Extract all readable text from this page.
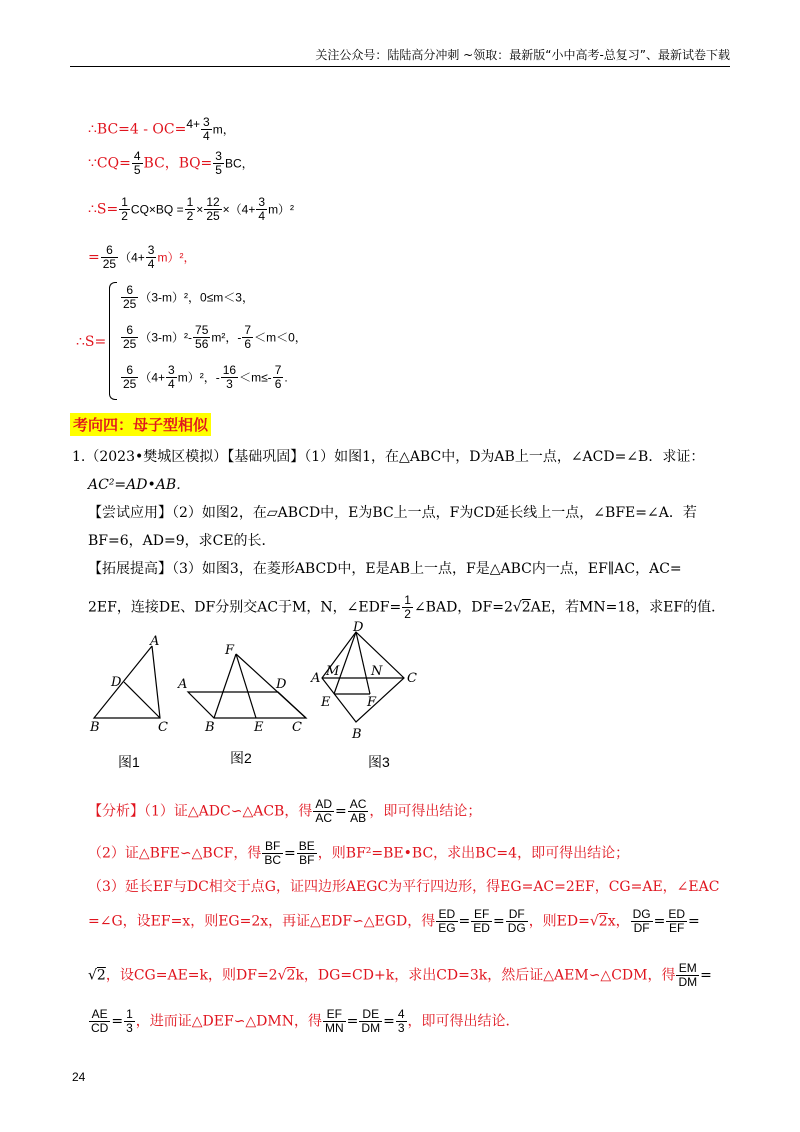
关注公众号：陆陆高分冲刺 ~领取：最新版“小中高考-总复习”、最新试卷下载
∴BC=4 - $OC=4+ \frac{3}{4}$ m，
∵CQ= $\frac{4}{5}$ BC，$BQ= \frac{3}{5}$ BC，
∴S= $\frac{1}{2} CQ\times BQ = \frac{1}{2} \times \frac{12}{25} \times(4+ \frac{3}{4} m)^2$
= $\frac{6}{25} (4+ \frac{3}{4} m)^2$，
∴S=
$\frac{6}{25} (3-m)^2$，0≤m＜3，
$\frac{6}{25} (3-m)^2- \frac{75}{56} m^2$，- $\frac{7}{6} <m<0$，
$\frac{6}{25} (4+ \frac{3}{4} m)^2$，- $\frac{16}{3} <m\le- \frac{7}{6}$ .
考向四：母子型相似
1.（2023•樊城区模拟）【基础巩固】（1）如图1，在△ABC中，D为AB上一点，∠ACD=∠B．求证：
AC²=AD•AB．
【尝试应用】（2）如图2，在▱ABCD中，E为BC上一点，F为CD延长线上一点，∠BFE=∠A．若
BF=6，AD=9，求CE的长．
【拓展提高】（3）如图3，在菱形ABCD中，E是AB上一点，F是△ABC内一点，EF∥AC，AC=
2EF，连接DE、DF分别交AC于M，N，∠EDF= $\frac{1}{2}$ ∠BAD，DF=2√2AE，若MN=18，求EF的值．
A
D
B	C
F
A	D
B	E C
D
A	C
M N
E	F
B
图1	图2	图3
【分析】（1）证△ADC∽△ACB，得 $\frac{AD}{AC} = \frac{AC}{AB}$ ，即可得出结论；
（2）证△BFE∽△BCF，得 $\frac{BF}{BC} = \frac{BE}{BF}$ ，则BF²=BE•BC，求出BC=4，即可得出结论；
（3）延长EF与DC相交于点G，证四边形AEGC为平行四边形，得EG=AC=2EF，CG=AE，∠EAC
=∠G，设EF=x，则EG=2x，再证△EDF∽△EGD，得 $\frac{ED}{EG} = \frac{EF}{ED} = \frac{DF}{DG}$ ，则ED=√2x， $\frac{DG}{DF} = \frac{ED}{EF}$ =
√2，设CG=AE=k，则DF=2√2k，DG=CD+k，求出CD=3k，然后证△AEM∽△CDM，得 $\frac{EM}{DM}$ =
$\frac{AE}{CD} = \frac{1}{3}$ ，进而证△DEF∽△DMN，得 $\frac{EF}{MN} = \frac{DE}{DM} = \frac{4}{3}$ ，即可得出结论．
24
